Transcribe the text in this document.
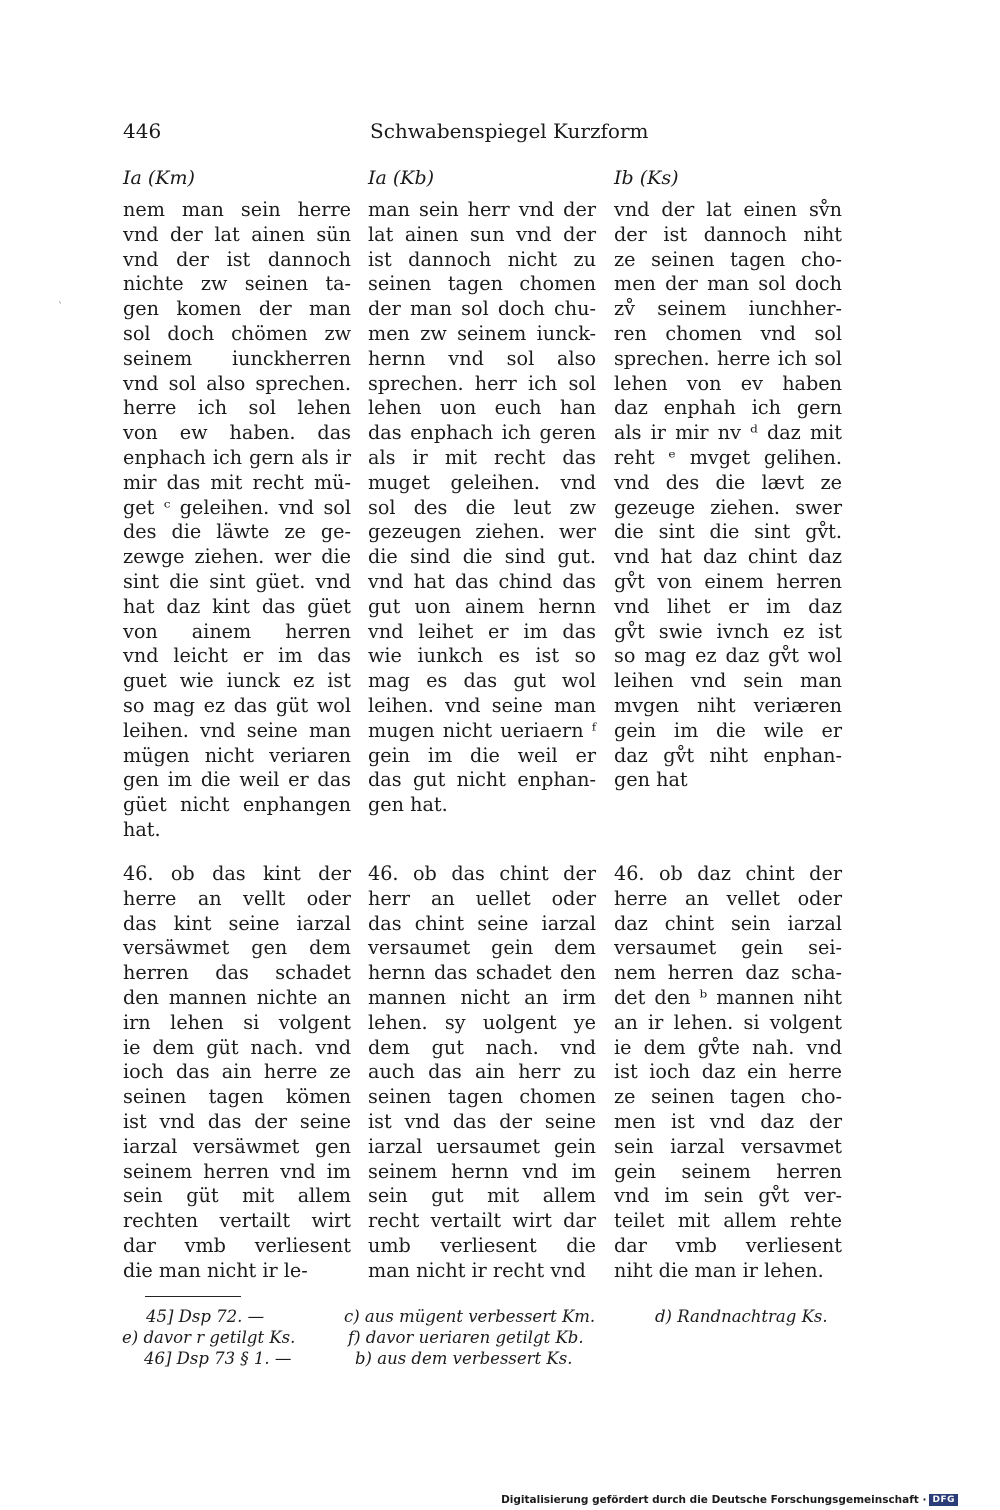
446	Schwabenspiegel Kurzform
Ia (Km)	Ia (Kb)	Ib (Ks)
`
nem man sein herre
vnd der lat ainen sün
vnd der ist dannoch
nichte zw seinen ta-
gen komen der man
sol doch chömen zw
seinem iunckherren
vnd sol also sprechen.
herre ich sol lehen
von ew haben. das
enphach ich gern als ir
mir das mit recht mü-
get ᶜ geleihen. vnd sol
des die läwte ze ge-
zewge ziehen. wer die
sint die sint güet. vnd
hat daz kint das güet
von ainem herren
vnd leicht er im das
guet wie iunck ez ist
so mag ez das güt wol
leihen. vnd seine man
mügen nicht veriaren
gen im die weil er das
güet nicht enphangen
hat.
man sein herr vnd der
lat ainen sun vnd der
ist dannoch nicht zu
seinen tagen chomen
der man sol doch chu-
men zw seinem iunck-
hernn vnd sol also
sprechen. herr ich sol
lehen uon euch han
das enphach ich geren
als ir mit recht das
muget geleihen. vnd
sol des die leut zw
gezeugen ziehen. wer
die sind die sind gut.
vnd hat das chind das
gut uon ainem hernn
vnd leihet er im das
wie iunkch es ist so
mag es das gut wol
leihen. vnd seine man
mugen nicht ueriaern ᶠ
gein im die weil er
das gut nicht enphan-
gen hat.
vnd der lat einen sv̊n
der ist dannoch niht
ze seinen tagen cho-
men der man sol doch
zv̊ seinem iunchher-
ren chomen vnd sol
sprechen. herre ich sol
lehen von ev haben
daz enphah ich gern
als ir mir nv ᵈ daz mit
reht ᵉ mvget gelihen.
vnd des die lævt ze
gezeuge ziehen. swer
die sint die sint gv̊t.
vnd hat daz chint daz
gv̊t von einem herren
vnd lihet er im daz
gv̊t swie ivnch ez ist
so mag ez daz gv̊t wol
leihen vnd sein man
mvgen niht veriæren
gein im die wile er
daz gv̊t niht enphan-
gen hat
46. ob das kint der
herre an vellt oder
das kint seine iarzal
versäwmet gen dem
herren das schadet
den mannen nichte an
irn lehen si volgent
ie dem güt nach. vnd
ioch das ain herre ze
seinen tagen kömen
ist vnd das der seine
iarzal versäwmet gen
seinem herren vnd im
sein güt mit allem
rechten vertailt wirt
dar vmb verliesent
die man nicht ir le-
46. ob das chint der
herr an uellet oder
das chint seine iarzal
versaumet gein dem
hernn das schadet den
mannen nicht an irm
lehen. sy uolgent ye
dem gut nach. vnd
auch das ain herr zu
seinen tagen chomen
ist vnd das der seine
iarzal uersaumet gein
seinem hernn vnd im
sein gut mit allem
recht vertailt wirt dar
umb verliesent die
man nicht ir recht vnd
46. ob daz chint der
herre an vellet oder
daz chint sein iarzal
versaumet gein sei-
nem herren daz scha-
det den ᵇ mannen niht
an ir lehen. si volgent
ie dem gv̊te nah. vnd
ist ioch daz ein herre
ze seinen tagen cho-
men ist vnd daz der
sein iarzal versavmet
gein seinem herren
vnd im sein gv̊t ver-
teilet mit allem rehte
dar vmb verliesent
niht die man ir lehen.
45] Dsp 72. —	c) aus mügent verbessert Km.	d) Randnachtrag Ks.
e) davor r getilgt Ks.	f) davor ueriaren getilgt Kb.
46] Dsp 73 § 1. —	b) aus dem verbessert Ks.
Digitalisierung gefördert durch die Deutsche Forschungsgemeinschaft · DFG
